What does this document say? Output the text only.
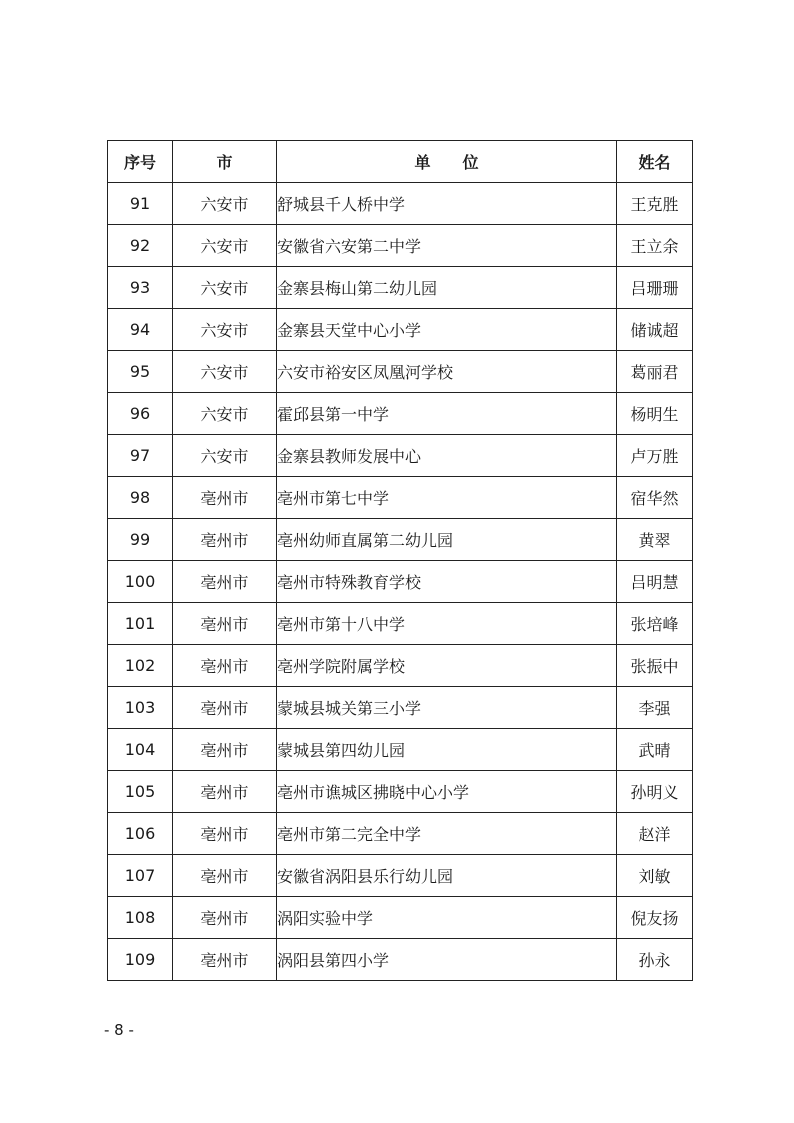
序号	市	单　　位	姓名
91	六安市	舒城县千人桥中学	王克胜
92	六安市	安徽省六安第二中学	王立余
93	六安市	金寨县梅山第二幼儿园	吕珊珊
94	六安市	金寨县天堂中心小学	储诚超
95	六安市	六安市裕安区凤凰河学校	葛丽君
96	六安市	霍邱县第一中学	杨明生
97	六安市	金寨县教师发展中心	卢万胜
98	亳州市	亳州市第七中学	宿华然
99	亳州市	亳州幼师直属第二幼儿园	黄翠
100	亳州市	亳州市特殊教育学校	吕明慧
101	亳州市	亳州市第十八中学	张培峰
102	亳州市	亳州学院附属学校	张振中
103	亳州市	蒙城县城关第三小学	李强
104	亳州市	蒙城县第四幼儿园	武晴
105	亳州市	亳州市谯城区拂晓中心小学	孙明义
106	亳州市	亳州市第二完全中学	赵洋
107	亳州市	安徽省涡阳县乐行幼儿园	刘敏
108	亳州市	涡阳实验中学	倪友扬
109	亳州市	涡阳县第四小学	孙永
- 8 -
